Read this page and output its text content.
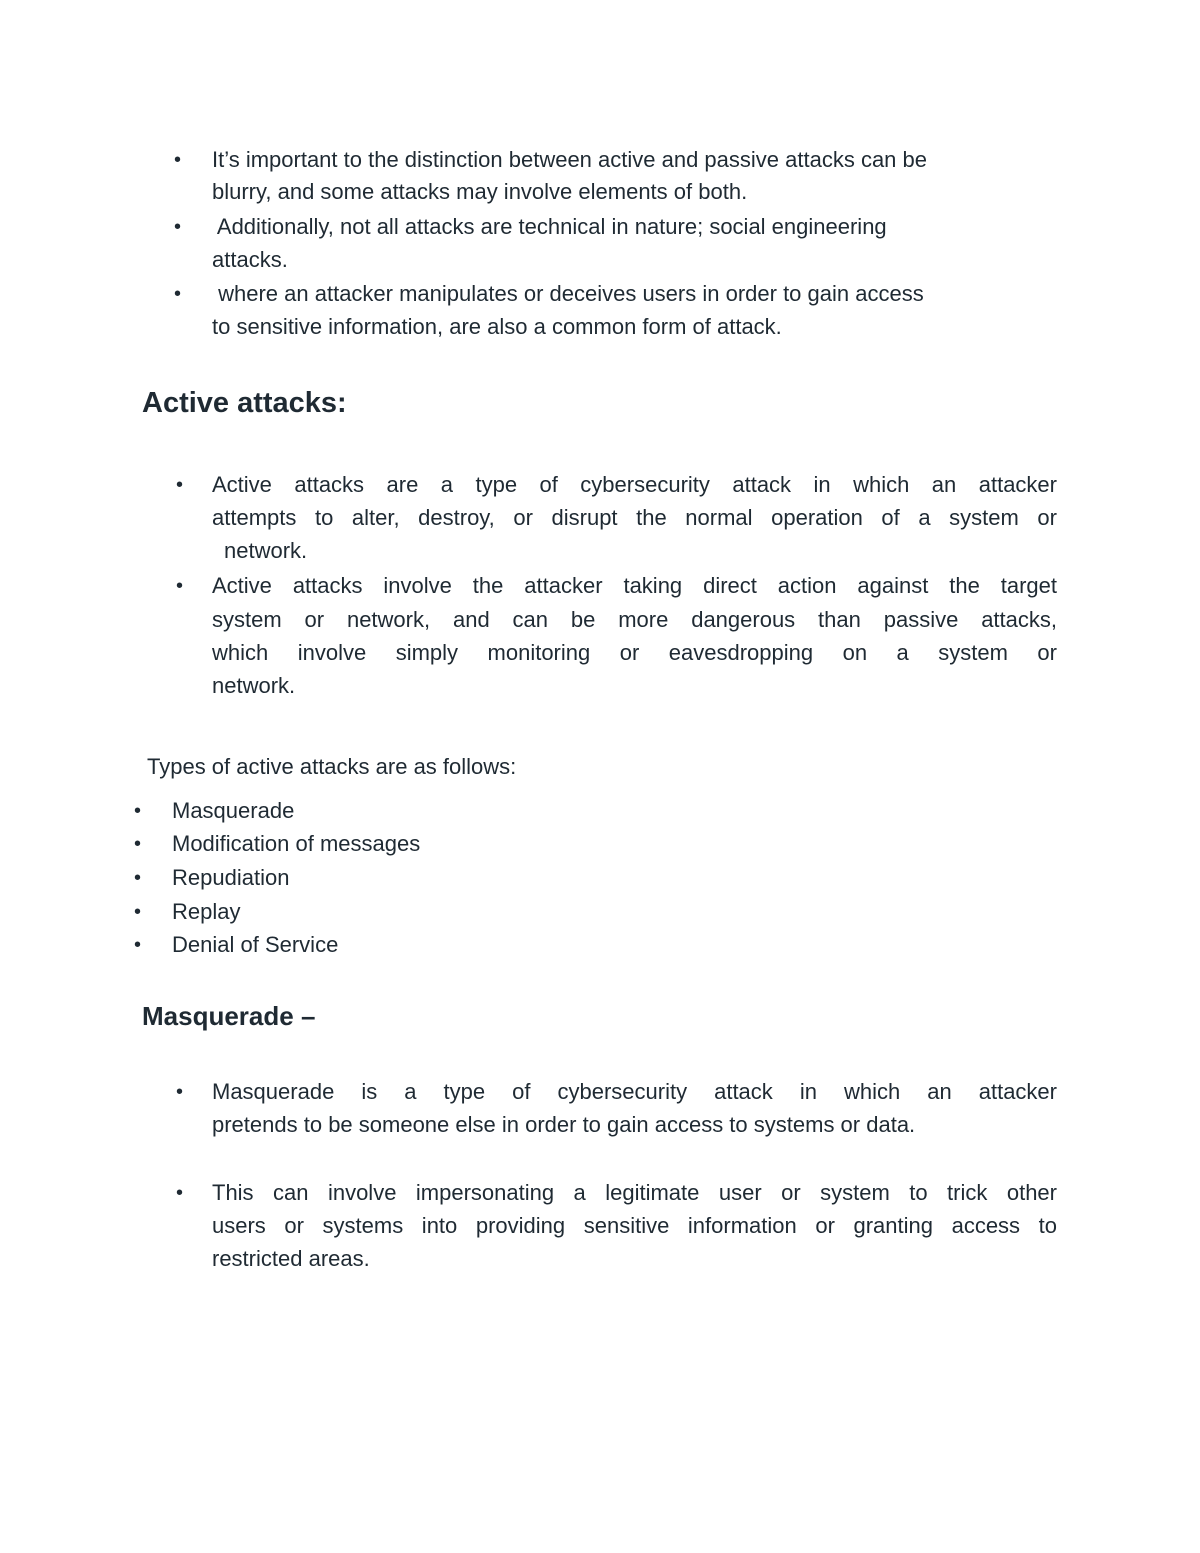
• It’s important to the distinction between active and passive attacks can be
blurry, and some attacks may involve elements of both.
• Additionally, not all attacks are technical in nature; social engineering
attacks.
• where an attacker manipulates or deceives users in order to gain access
to sensitive information, are also a common form of attack.
Active attacks:
• Active attacks are a type of cybersecurity attack in which an attacker
attempts to alter, destroy, or disrupt the normal operation of a system or
network.
• Active attacks involve the attacker taking direct action against the target
system or network, and can be more dangerous than passive attacks,
which involve simply monitoring or eavesdropping on a system or
network.
Types of active attacks are as follows:
• Masquerade
• Modification of messages
• Repudiation
• Replay
• Denial of Service
Masquerade –
• Masquerade is a type of cybersecurity attack in which an attacker
pretends to be someone else in order to gain access to systems or data.
• This can involve impersonating a legitimate user or system to trick other
users or systems into providing sensitive information or granting access to
restricted areas.
